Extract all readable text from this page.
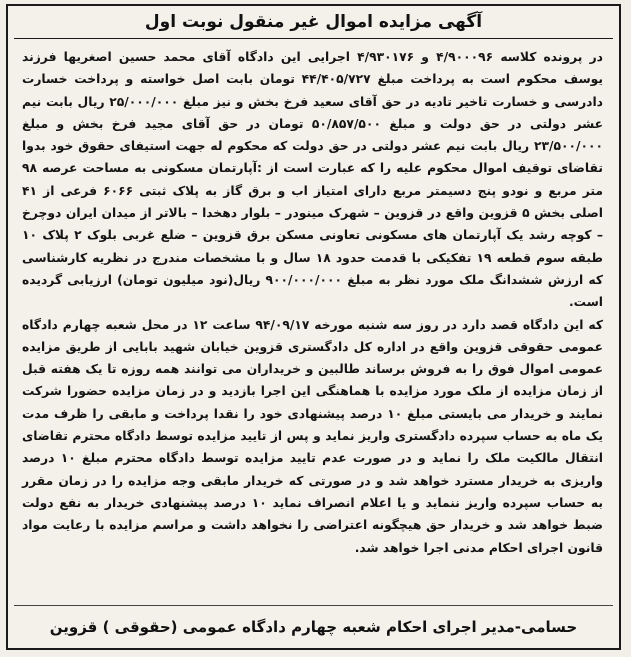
آگهی مزایده اموال غیر منقول نوبت اول

در پرونده کلاسه ۴/۹۰۰۰۹۶ و ۴/۹۳۰۱۷۶ اجرایی این دادگاه آقای محمد حسین اصغریها فرزند یوسف محکوم است به پرداخت مبلغ ۴۴/۴۰۵/۷۲۷ تومان بابت اصل خواسته و پرداخت خسارت دادرسی و خسارت تاخیر تادیه در حق آقای سعید فرخ بخش و نیز مبلغ ۲۵/۰۰۰/۰۰۰ ریال بابت نیم عشر دولتی در حق دولت و مبلغ ۵۰/۸۵۷/۵۰۰ تومان در حق آقای مجید فرخ بخش و مبلغ ۲۳/۵۰۰/۰۰۰ ریال بابت نیم عشر دولتی در حق دولت که محکوم له جهت استیفای حقوق خود بدوا تقاضای توقیف اموال محکوم علیه را که عبارت است از :آپارتمان مسکونی به مساحت عرصه ۹۸ متر مربع و نودو پنج دسیمتر مربع دارای امتیاز اب و برق گاز به پلاک ثبتی ۶۰۶۶ فرعی از ۴۱ اصلی بخش ۵ قزوین واقع در قزوین – شهرک مینودر – بلوار دهخدا – بالاتر از میدان ایران دوچرخ – کوچه رشد یک آپارتمان های مسکونی تعاونی مسکن برق قزوین – ضلع غربی بلوک ۲ پلاک ۱۰ طبقه سوم قطعه ۱۹ تفکیکی با قدمت حدود ۱۸ سال و با مشخصات مندرج در نظریه کارشناسی که ارزش ششدانگ ملک مورد نظر به مبلغ ۹۰۰/۰۰۰/۰۰۰ ریال(نود میلیون تومان) ارزیابی گردیده است.

که این دادگاه قصد دارد در روز سه شنبه مورخه ۹۴/۰۹/۱۷ ساعت ۱۲ در محل شعبه چهارم دادگاه عمومی حقوقی قزوین واقع در اداره کل دادگستری قزوین خیابان شهید بابایی از طریق مزایده عمومی اموال فوق را به فروش برساند طالبین و خریداران می توانند همه روزه تا یک هفته قبل از زمان مزایده از ملک مورد مزایده با هماهنگی این اجرا بازدید و در زمان مزایده حضورا شرکت نمایند و خریدار می بایستی مبلغ ۱۰ درصد پیشنهادی خود را نقدا پرداخت و مابقی را ظرف مدت یک ماه به حساب سپرده دادگستری واریز نماید و پس از تایید مزایده توسط دادگاه محترم تقاضای انتقال مالکیت ملک را نماید و در صورت عدم تایید مزایده توسط دادگاه محترم مبلغ ۱۰ درصد واریزی به خریدار مسترد خواهد شد و در صورتی که خریدار مابقی وجه مزایده را در زمان مقرر به حساب سپرده واریز ننماید و یا اعلام انصراف نماید ۱۰ درصد پیشنهادی خریدار به نفع دولت ضبط خواهد شد و خریدار حق هیچگونه اعتراضی را نخواهد داشت و مراسم مزایده با رعایت مواد قانون اجرای احکام مدنی اجرا خواهد شد.

حسامی-مدیر اجرای احکام شعبه چهارم دادگاه عمومی (حقوقی ) قزوین
